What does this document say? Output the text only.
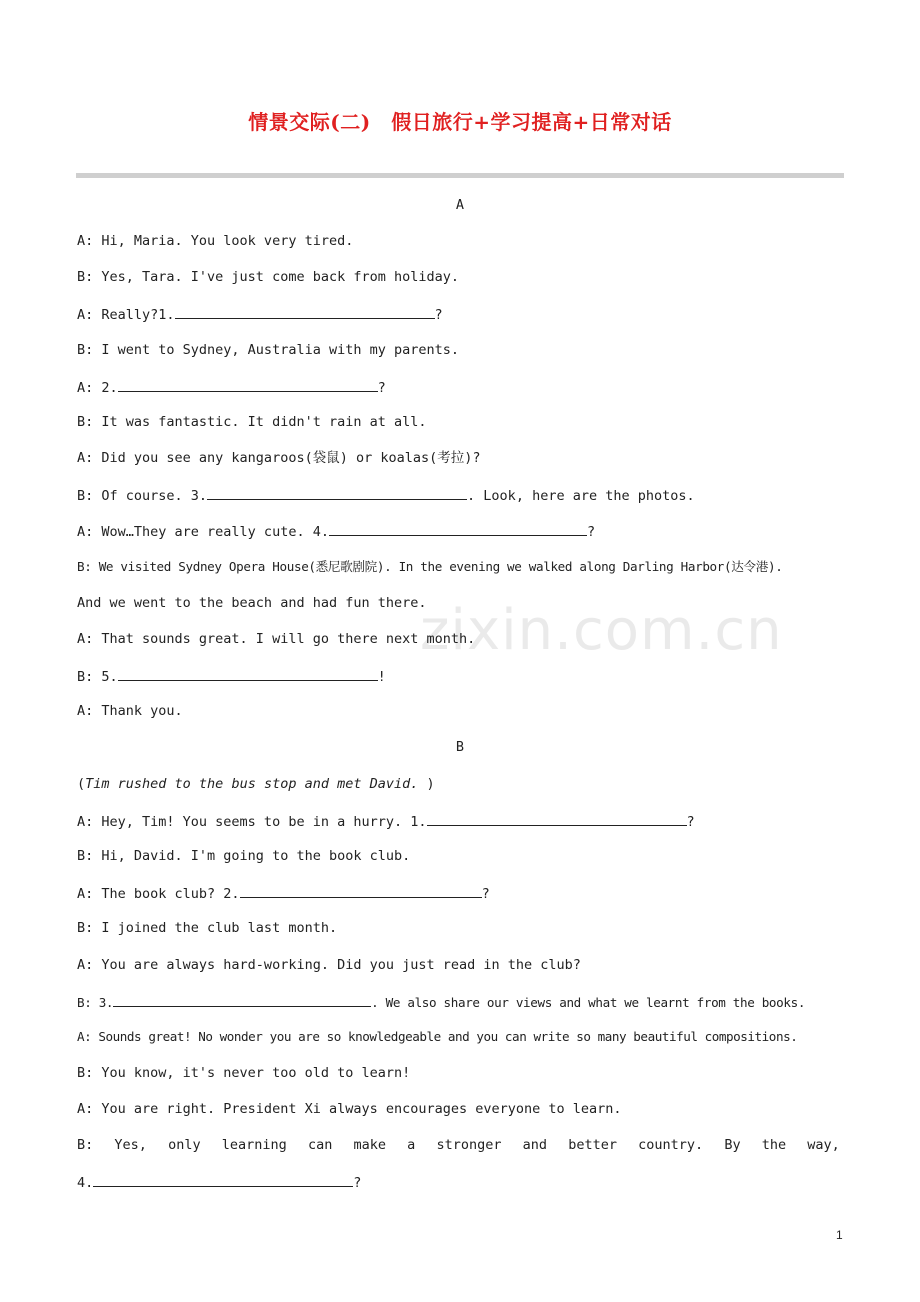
情景交际(二)　假日旅行+学习提高+日常对话
zixin.com.cn
A
A: Hi, Maria. You look very tired.
B: Yes, Tara. I've just come back from holiday.
A: Really?1.	?
B: I went to Sydney, Australia with my parents.
A: 2.	?
B: It was fantastic. It didn't rain at all.
A: Did you see any kangaroos(袋鼠) or koalas(考拉)?
B: Of course. 3.	. Look, here are the photos.
A: Wow…They are really cute. 4.	?
B: We visited Sydney Opera House(悉尼歌剧院). In the evening we walked along Darling Harbor(达令港).
And we went to the beach and had fun there.
A: That sounds great. I will go there next month.
B: 5.	!
A: Thank you.
B
(Tim rushed to the bus stop and met David. )
A: Hey, Tim! You seems to be in a hurry. 1.	?
B: Hi, David. I'm going to the book club.
A: The book club? 2.	?
B: I joined the club last month.
A: You are always hard-working. Did you just read in the club?
B: 3.	. We also share our views and what we learnt from the books.
A: Sounds great! No wonder you are so knowledgeable and you can write so many beautiful compositions.
B: You know, it's never too old to learn!
A: You are right. President Xi always encourages everyone to learn.
B: Yes, only learning can make a stronger and better country. By the way,
4.	?
1
